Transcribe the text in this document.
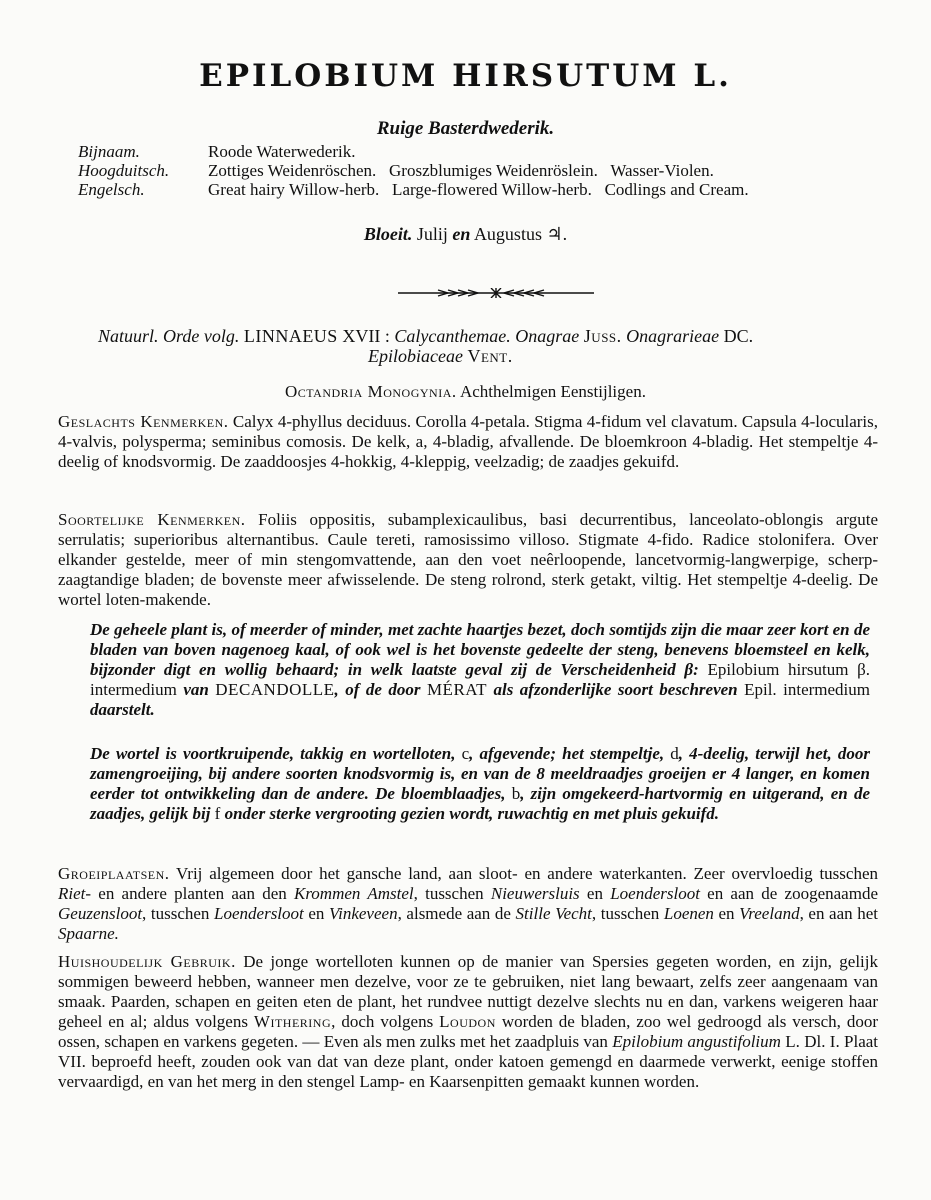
EPILOBIUM HIRSUTUM L.
Ruige Basterdwederik.
Bijnaam.	Roode Waterwederik.
Hoogduitsch. Zottiges Weidenröschen.   Groszblumiges Weidenröslein.   Wasser-Violen.
Engelsch.	Great hairy Willow-herb.   Large-flowered Willow-herb.   Codlings and Cream.
Bloeit. Julij en Augustus ♃.
Natuurl. Orde volg. LINNAEUS XVII : Calycanthemae. Onagrae Juss. Onagrarieae DC.
Epilobiaceae Vent.
Octandria Monogynia. Achthelmigen Eenstijligen.

Geslachts Kenmerken. Calyx 4-phyllus deciduus. Corolla 4-petala. Stigma 4-fidum vel clavatum. Capsula 4-locularis, 4-valvis, polysperma; seminibus comosis. De kelk, a, 4-bladig, afvallende. De bloemkroon 4-bladig. Het stempeltje 4-deelig of knodsvormig. De zaaddoosjes 4-hokkig, 4-kleppig, veelzadig; de zaadjes gekuifd.

Soortelijke Kenmerken. Foliis oppositis, subamplexicaulibus, basi decurrentibus, lanceolato-oblongis argute serrulatis; superioribus alternantibus. Caule tereti, ramosissimo villoso. Stigmate 4-fido. Radice stolonifera. Over elkander gestelde, meer of min stengomvattende, aan den voet neêrloopende, lancetvormig-langwerpige, scherp-zaagtandige bladen; de bovenste meer afwisselende. De steng rolrond, sterk getakt, viltig. Het stempeltje 4-deelig. De wortel loten-makende.

De geheele plant is, of meerder of minder, met zachte haartjes bezet, doch somtijds zijn die maar zeer kort en de bladen van boven nagenoeg kaal, of ook wel is het bovenste gedeelte der steng, benevens bloemsteel en kelk, bijzonder digt en wollig behaard; in welk laatste geval zij de Verscheidenheid β: Epilobium hirsutum β. intermedium van DECANDOLLE, of de door MÉRAT als afzonderlijke soort beschreven Epil. intermedium daarstelt.

De wortel is voortkruipende, takkig en wortelloten, c, afgevende; het stempeltje, d, 4-deelig, terwijl het, door zamengroeijing, bij andere soorten knodsvormig is, en van de 8 meeldraadjes groeijen er 4 langer, en komen eerder tot ontwikkeling dan de andere. De bloemblaadjes, b, zijn omgekeerd-hartvormig en uitgerand, en de zaadjes, gelijk bij f onder sterke vergrooting gezien wordt, ruwachtig en met pluis gekuifd.

Groeiplaatsen. Vrij algemeen door het gansche land, aan sloot- en andere waterkanten. Zeer overvloedig tusschen Riet- en andere planten aan den Krommen Amstel, tusschen Nieuwersluis en Loendersloot en aan de zoogenaamde Geuzensloot, tusschen Loendersloot en Vinkeveen, alsmede aan de Stille Vecht, tusschen Loenen en Vreeland, en aan het Spaarne.

Huishoudelijk Gebruik. De jonge wortelloten kunnen op de manier van Spersies gegeten worden, en zijn, gelijk sommigen beweerd hebben, wanneer men dezelve, voor ze te gebruiken, niet lang bewaart, zelfs zeer aangenaam van smaak. Paarden, schapen en geiten eten de plant, het rundvee nuttigt dezelve slechts nu en dan, varkens weigeren haar geheel en al; aldus volgens Withering, doch volgens Loudon worden de bladen, zoo wel gedroogd als versch, door ossen, schapen en varkens gegeten. — Even als men zulks met het zaadpluis van Epilobium angustifolium L. Dl. I. Plaat VII. beproefd heeft, zouden ook van dat van deze plant, onder katoen gemengd en daarmede verwerkt, eenige stoffen vervaardigd, en van het merg in den stengel Lamp- en Kaarsenpitten gemaakt kunnen worden.
